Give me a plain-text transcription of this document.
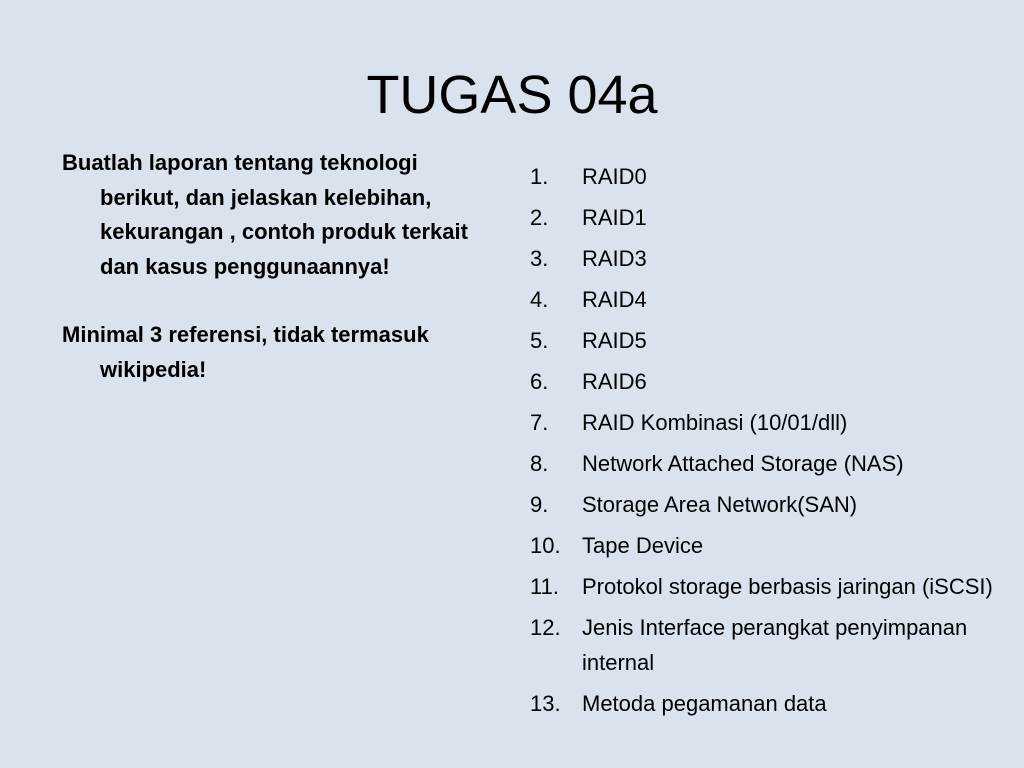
TUGAS 04a

Buatlah laporan tentang teknologi berikut, dan jelaskan kelebihan, kekurangan , contoh produk terkait dan kasus penggunaannya!

Minimal 3 referensi, tidak termasuk wikipedia!

1.	RAID0
2.	RAID1
3.	RAID3
4.	RAID4
5.	RAID5
6.	RAID6
7.	RAID Kombinasi (10/01/dll)
8.	Network Attached Storage (NAS)
9.	Storage Area Network(SAN)
10. Tape Device
11.	Protokol storage berbasis jaringan (iSCSI)
12. Jenis Interface perangkat penyimpanan internal
13. Metoda pegamanan data
